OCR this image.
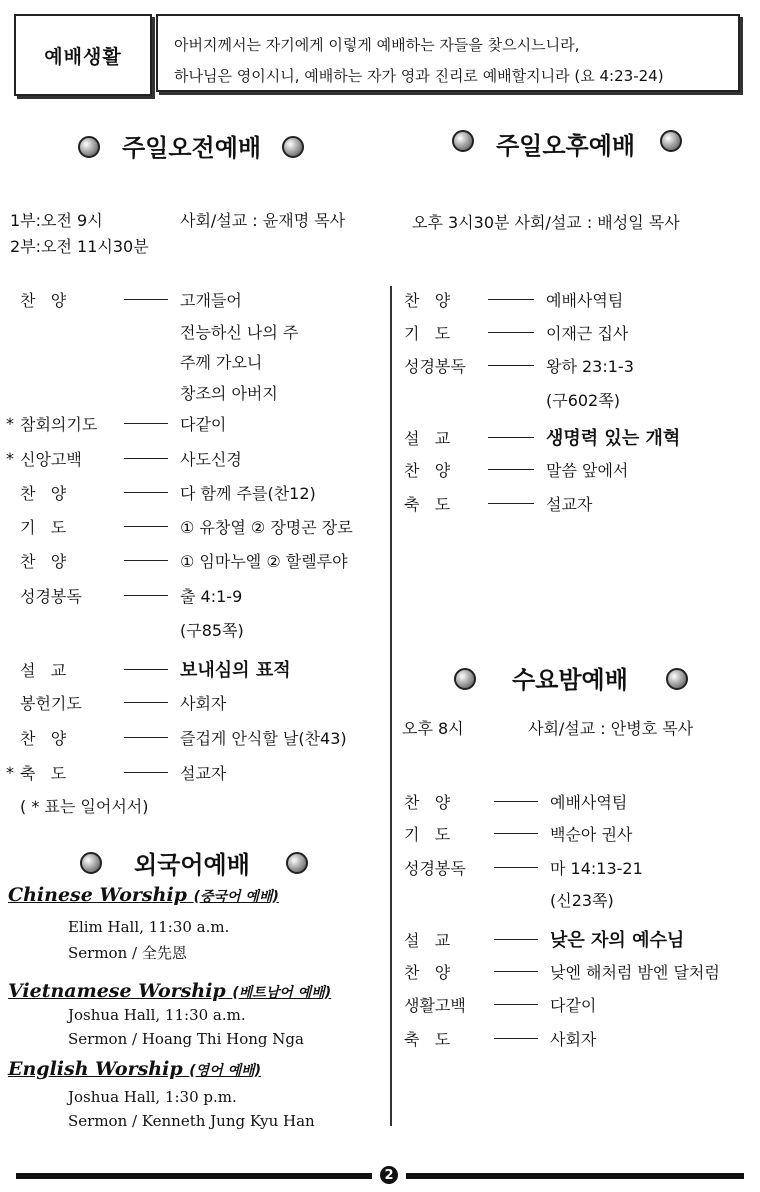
예배생활
아버지께서는 자기에게 이렇게 예배하는 자들을 찾으시느니라,
하나님은 영이시니, 예배하는 자가 영과 진리로 예배할지니라 (요 4:23-24)
주일오전예배	주일오후예배
1부:오전 9시	사회/설교 : 윤재명 목사
2부:오전 11시30분
오후 3시30분 사회/설교 : 배성일 목사
찬   양	고개들어
전능하신 나의 주
주께 가오니
창조의 아버지
* 참회의기도	다같이
* 신앙고백	사도신경
찬   양	다 함께 주를(찬12)
기   도	① 유창열 ② 장명곤 장로
찬   양	① 임마누엘 ② 할렐루야
성경봉독	출 4:1-9
(구85쪽)
설   교	보내심의 표적
봉헌기도	사회자
찬   양	즐겁게 안식할 날(찬43)
* 축   도	설교자
( * 표는 일어서서)
찬   양	예배사역팀
기   도	이재근 집사
성경봉독	왕하 23:1-3
(구602쪽)
설   교	생명력 있는 개혁
찬   양	말씀 앞에서
축   도	설교자
수요밤예배
오후 8시	사회/설교 : 안병호 목사
찬   양	예배사역팀
기   도	백순아 권사
성경봉독	마 14:13-21
(신23쪽)
설   교	낮은 자의 예수님
찬   양	낮엔 해처럼 밤엔 달처럼
생활고백	다같이
축   도	사회자
외국어예배
Chinese Worship (중국어 예배)
Elim Hall, 11:30 a.m.
Sermon / 全先恩
Vietnamese Worship (베트남어 예배)
Joshua Hall, 11:30 a.m.
Sermon / Hoang Thi Hong Nga
English Worship (영어 예배)
Joshua Hall, 1:30 p.m.
Sermon / Kenneth Jung Kyu Han
2
